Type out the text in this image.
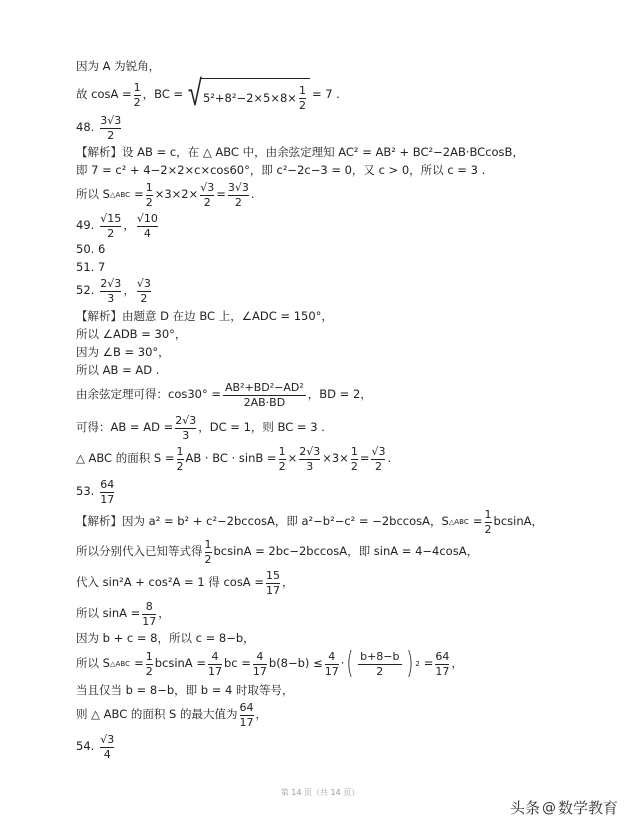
因为 A 为锐角，
故 $\cos A = \frac{1}{2}$ ，BC = √ $5^2+8^2-2\times 5\times 8\times \frac{1}{2} = 7$ .
48. $\frac{3√3}{2}$
【解析】设 AB = c，在 △ ABC 中，由余弦定理知 AC² = AB² + BC²−2AB·BCcosB，
即 7 = c² + 4−2×2×c×cos60°，即 c²−2c−3 = 0，又 c > 0，所以 c = 3 .
所以 S △ABC = $\frac{1}{2} \times 3\times 2\times \frac{√3}{2} = \frac{3√3}{2}$ .
49. $\frac{√15}{2}$ ， $\frac{√10}{4}$
50. 6
51. 7
52. $\frac{2√3}{3}$ ， $\frac{√3}{2}$
【解析】由题意 D 在边 BC 上，∠ADC = 150°，
所以 ∠ADB = 30°，
因为 ∠B = 30°，
所以 AB = AD .
由余弦定理可得：$\cos 30^\circ = \frac{\text{AB²+BD²−AD²}}{2AB\cdot BD}$ ，BD = 2，
可得：AB = AD = $\frac{2√3}{3}$ ，DC = 1，则 BC = 3 .
△ ABC 的面积 $S = \frac{1}{2}$ AB · BC · $\sin B = \frac{1}{2} \times \frac{2√3}{3} \times 3\times \frac{1}{2} = \frac{√3}{2}$ .
53. $\frac{64}{17}$
【解析】因为 a² = b² + c²−2bccosA，即 a²−b²−c² = −2bccosA，S △ABC = $\frac{1}{2}$ bcsinA，
所以分别代入已知等式得 $\frac{1}{2}$ bcsinA = 2bc−2bccosA，即 sinA = 4−4cosA，
代入 sin²A + cos²A = 1 得 $\cos A = \frac{15}{17}$ ，
所以 $\sin A = \frac{8}{17}$ ，
因为 b + c = 8，所以 c = 8−b，
所以 S △ABC = $\frac{1}{2}$ $bcsinA = \frac{4}{17}$ bc = $\frac{4}{17} b(8-b) \le \frac{4}{17}$ · ( $\frac{b+8-b}{2}$ ) $2 = \frac{64}{17}$ ，
当且仅当 b = 8−b，即 b = 4 时取等号，
则 △ ABC 的面积 S 的最大值为 $\frac{64}{17}$ ，
54. $\frac{√3}{4}$
第 14 页（共 14 页）
头条 @ 数学教育
